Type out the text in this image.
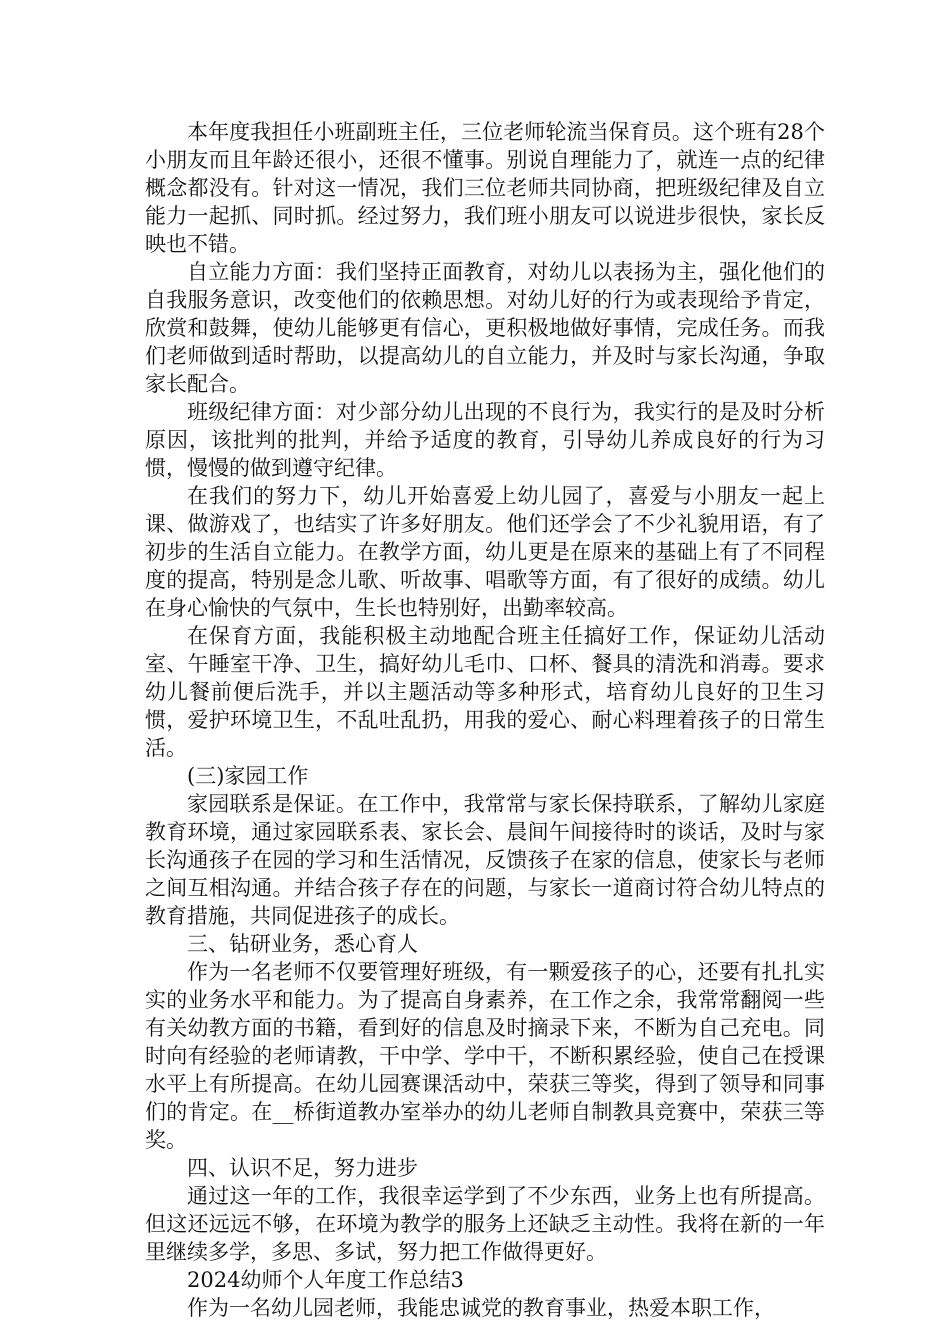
本年度我担任小班副班主任，三位老师轮流当保育员。这个班有28个小朋友而且年龄还很小，还很不懂事。别说自理能力了，就连一点的纪律概念都没有。针对这一情况，我们三位老师共同协商，把班级纪律及自立能力一起抓、同时抓。经过努力，我们班小朋友可以说进步很快，家长反映也不错。

自立能力方面：我们坚持正面教育，对幼儿以表扬为主，强化他们的自我服务意识，改变他们的依赖思想。对幼儿好的行为或表现给予肯定，欣赏和鼓舞，使幼儿能够更有信心，更积极地做好事情，完成任务。而我们老师做到适时帮助，以提高幼儿的自立能力，并及时与家长沟通，争取家长配合。

班级纪律方面：对少部分幼儿出现的不良行为，我实行的是及时分析原因，该批判的批判，并给予适度的教育，引导幼儿养成良好的行为习惯，慢慢的做到遵守纪律。

在我们的努力下，幼儿开始喜爱上幼儿园了，喜爱与小朋友一起上课、做游戏了，也结实了许多好朋友。他们还学会了不少礼貌用语，有了初步的生活自立能力。在教学方面，幼儿更是在原来的基础上有了不同程度的提高，特别是念儿歌、听故事、唱歌等方面，有了很好的成绩。幼儿在身心愉快的气氛中，生长也特别好，出勤率较高。

在保育方面，我能积极主动地配合班主任搞好工作，保证幼儿活动室、午睡室干净、卫生，搞好幼儿毛巾、口杯、餐具的清洗和消毒。要求幼儿餐前便后洗手，并以主题活动等多种形式，培育幼儿良好的卫生习惯，爱护环境卫生，不乱吐乱扔，用我的爱心、耐心料理着孩子的日常生活。

(三)家园工作

家园联系是保证。在工作中，我常常与家长保持联系，了解幼儿家庭教育环境，通过家园联系表、家长会、晨间午间接待时的谈话，及时与家长沟通孩子在园的学习和生活情况，反馈孩子在家的信息，使家长与老师之间互相沟通。并结合孩子存在的问题，与家长一道商讨符合幼儿特点的教育措施，共同促进孩子的成长。

三、钻研业务，悉心育人

作为一名老师不仅要管理好班级，有一颗爱孩子的心，还要有扎扎实实的业务水平和能力。为了提高自身素养，在工作之余，我常常翻阅一些有关幼教方面的书籍，看到好的信息及时摘录下来，不断为自己充电。同时向有经验的老师请教，干中学、学中干，不断积累经验，使自己在授课水平上有所提高。在幼儿园赛课活动中，荣获三等奖，得到了领导和同事们的肯定。在__桥街道教办室举办的幼儿老师自制教具竞赛中，荣获三等奖。

四、认识不足，努力进步

通过这一年的工作，我很幸运学到了不少东西，业务上也有所提高。但这还远远不够，在环境为教学的服务上还缺乏主动性。我将在新的一年里继续多学，多思、多试，努力把工作做得更好。

2024幼师个人年度工作总结3

作为一名幼儿园老师，我能忠诚党的教育事业，热爱本职工作，
